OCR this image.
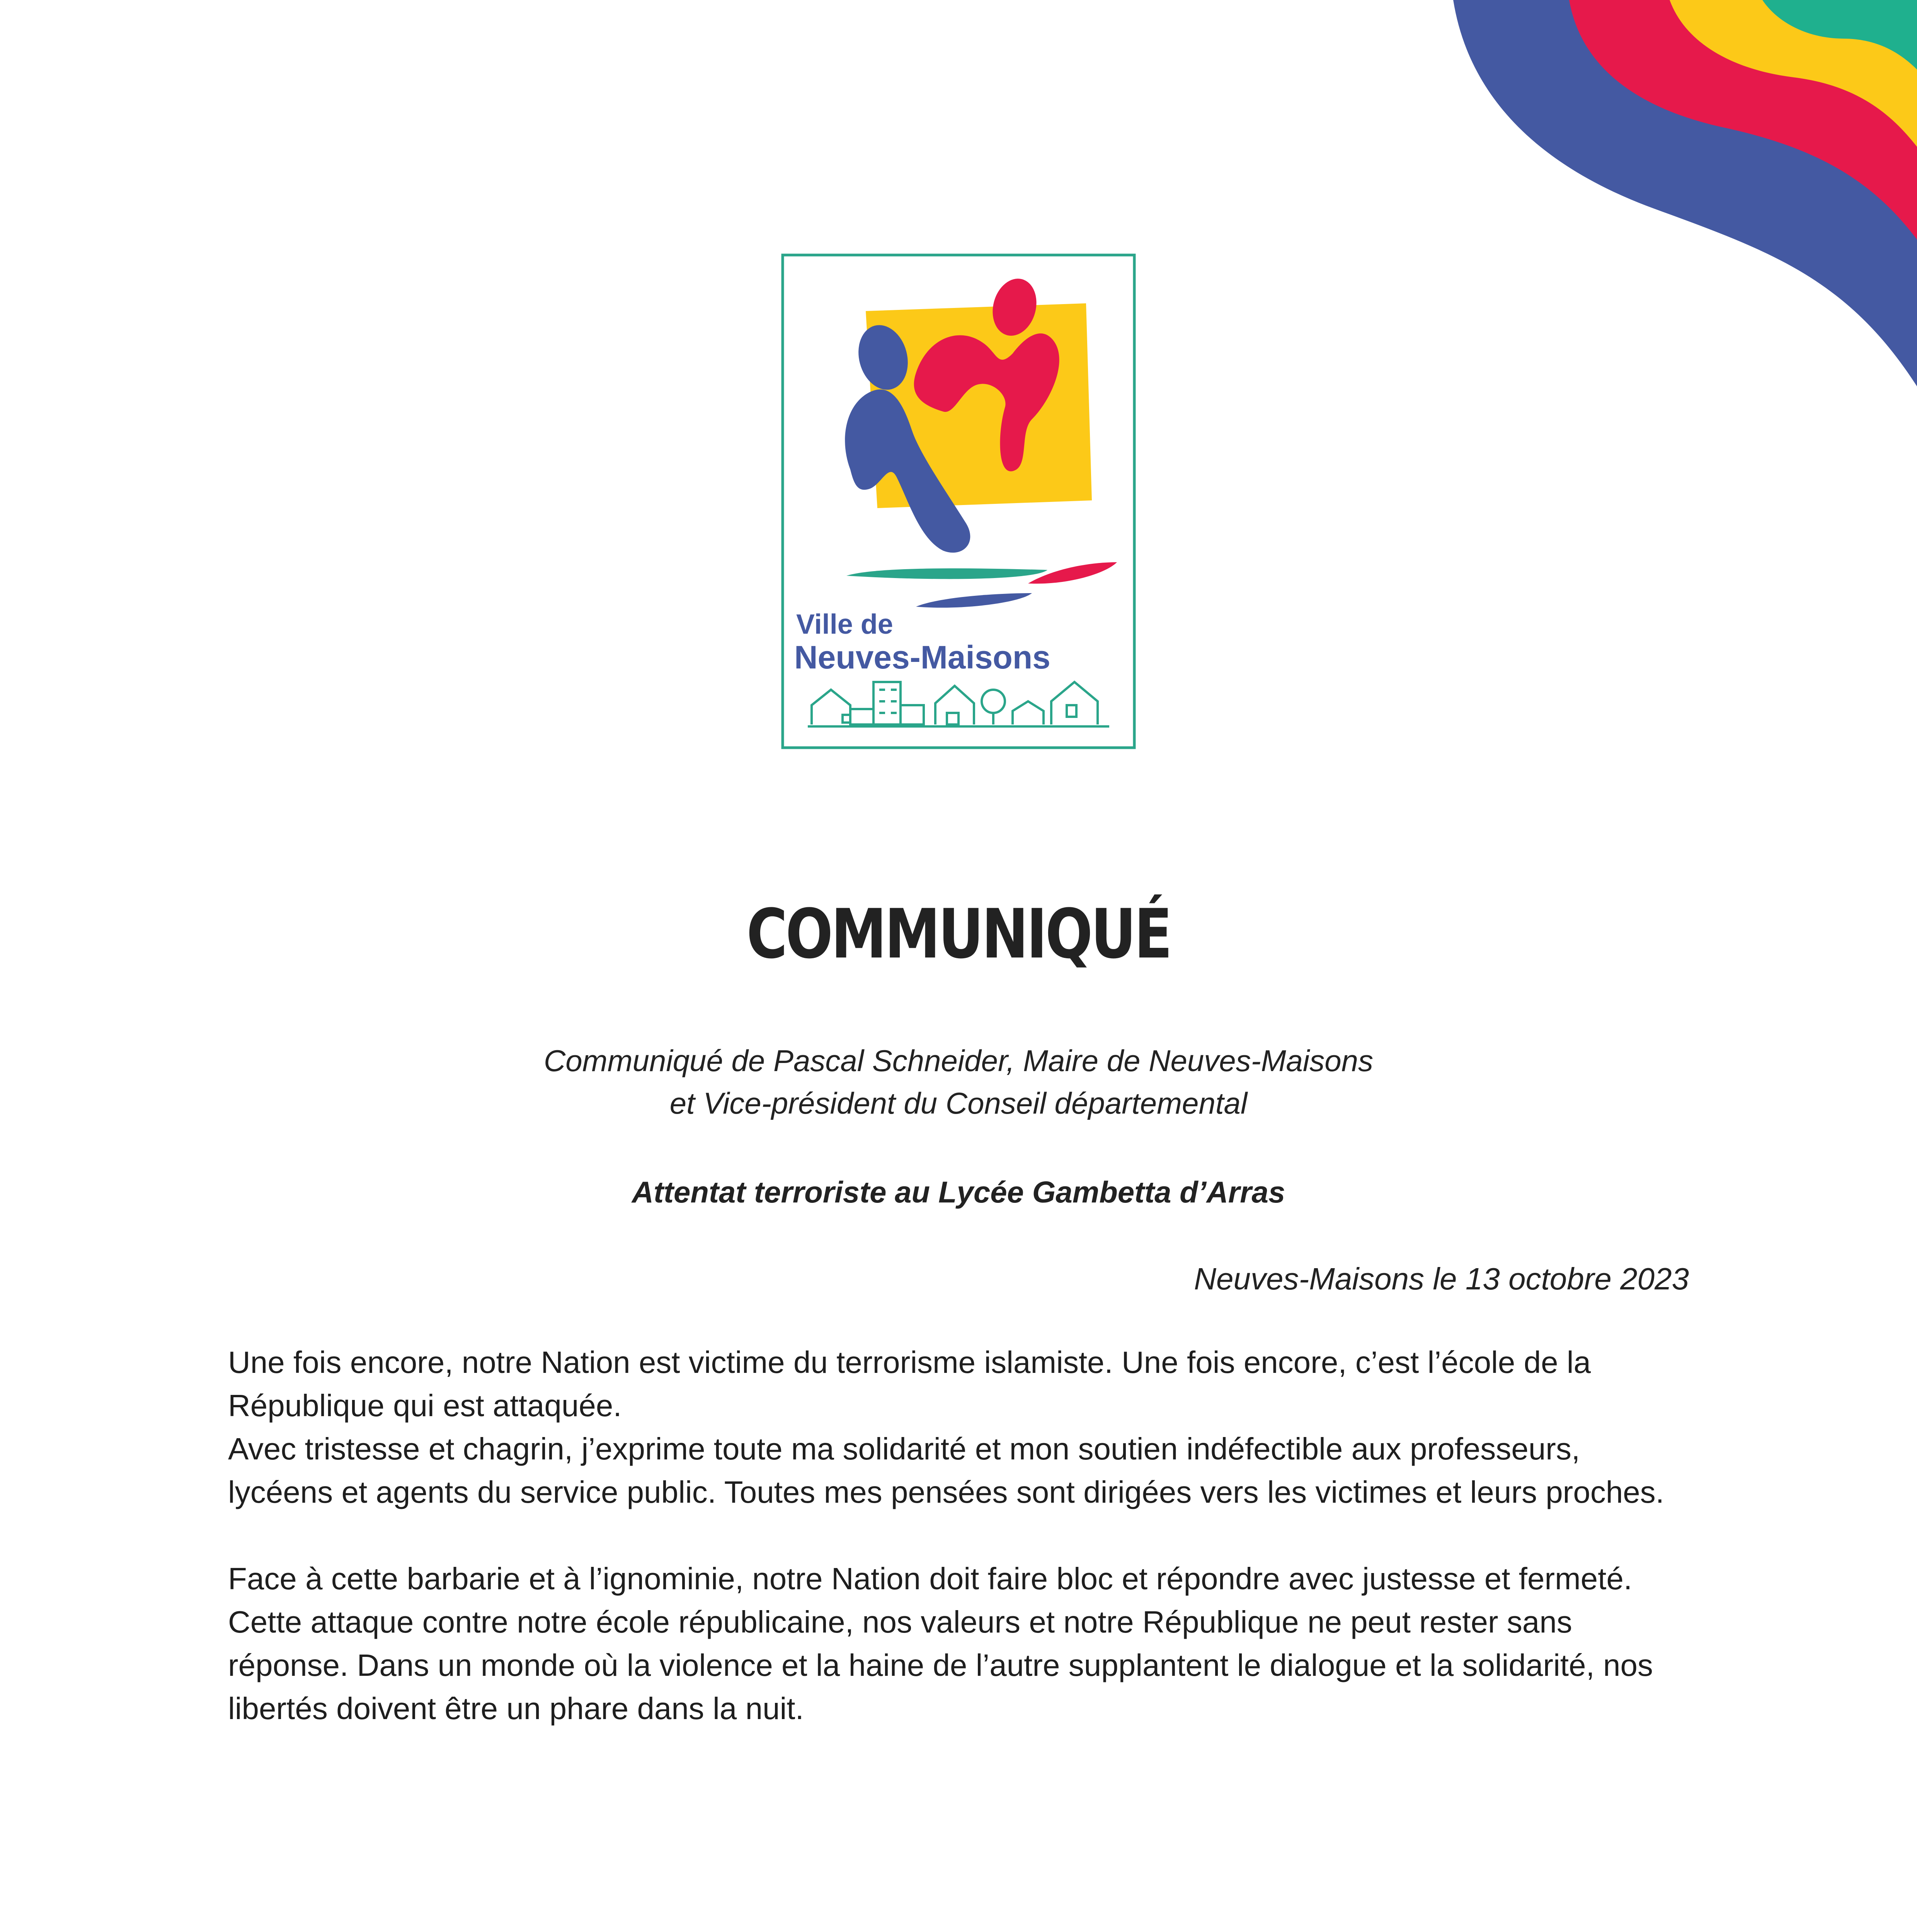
Ville de
Neuves-Maisons
COMMUNIQUÉ
Communiqué de Pascal Schneider, Maire de Neuves-Maisons
et Vice-président du Conseil départemental
Attentat terroriste au Lycée Gambetta d’Arras
Neuves-Maisons le 13 octobre 2023

Une fois encore, notre Nation est victime du terrorisme islamiste. Une fois encore, c’est l’école de la République qui est attaquée.

Avec tristesse et chagrin, j’exprime toute ma solidarité et mon soutien indéfectible aux professeurs, lycéens et agents du service public. Toutes mes pensées sont dirigées vers les victimes et leurs proches.

Face à cette barbarie et à l’ignominie, notre Nation doit faire bloc et répondre avec justesse et fermeté. Cette attaque contre notre école républicaine, nos valeurs et notre République ne peut rester sans réponse. Dans un monde où la violence et la haine de l’autre supplantent le dialogue et la solidarité, nos libertés doivent être un phare dans la nuit.
